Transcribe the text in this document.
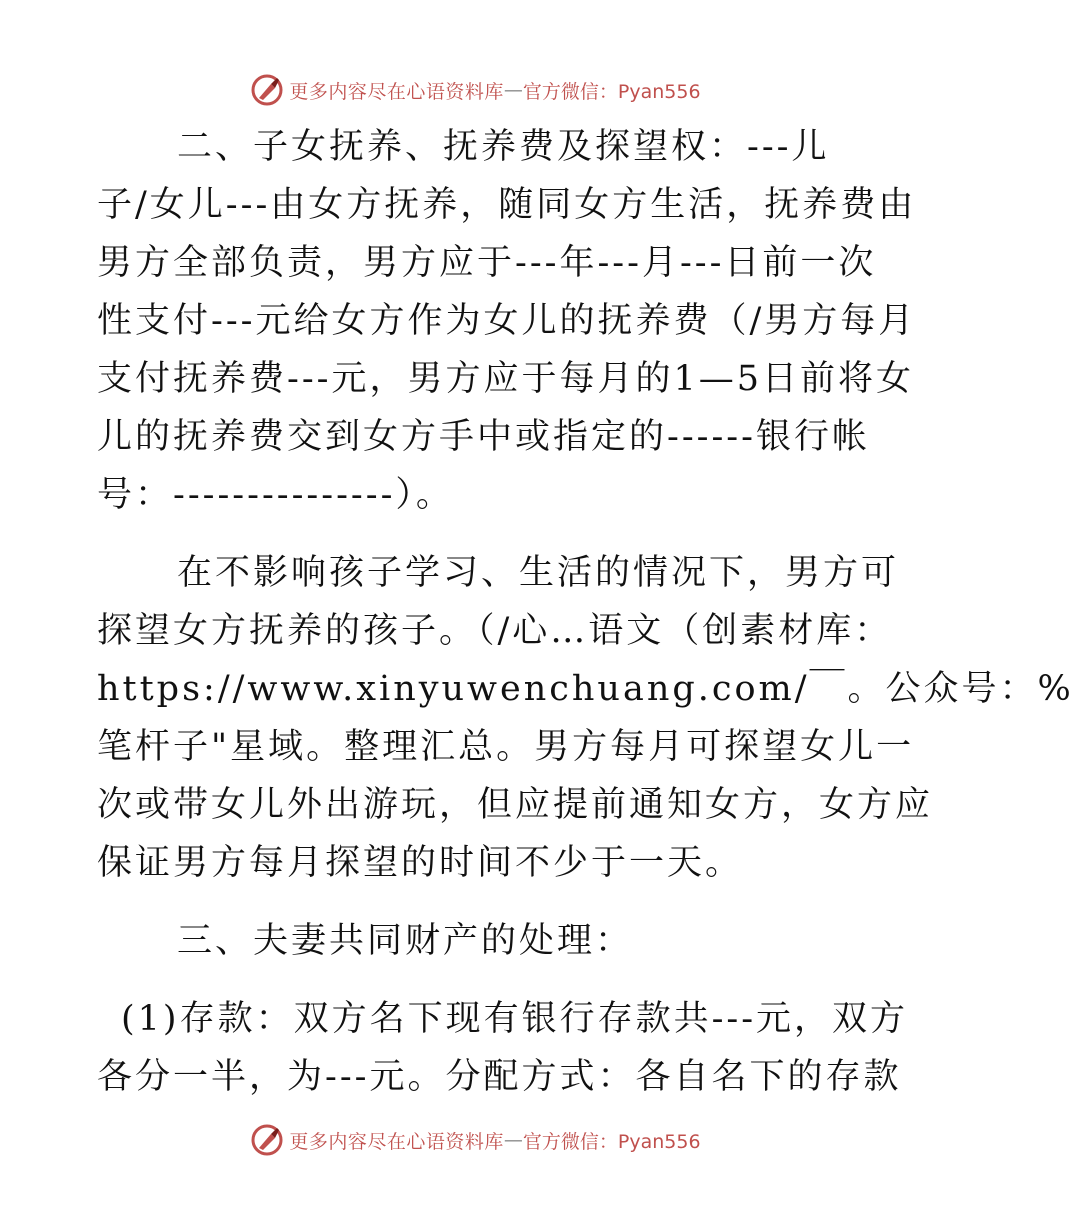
更多内容尽在心语资料库 — 官方微信：Pyan556
二、子女抚养、抚养费及探望权：---儿
子/女儿---由女方抚养，随同女方生活，抚养费由
男方全部负责，男方应于---年---月---日前一次
性支付---元给女方作为女儿的抚养费（/男方每月
支付抚养费---元，男方应于每月的1—5日前将女
儿的抚养费交到女方手中或指定的------银行帐
号：---------------）。
在不影响孩子学习、生活的情况下，男方可
探望女方抚养的孩子。（/心…语文（创素材库：
https://www.xinyuwenchuang.com/￣。公众号：%
笔杆子"星域。整理汇总。男方每月可探望女儿一
次或带女儿外出游玩，但应提前通知女方，女方应
保证男方每月探望的时间不少于一天。
三、夫妻共同财产的处理：
(1)存款：双方名下现有银行存款共---元，双方
各分一半，为---元。分配方式：各自名下的存款
更多内容尽在心语资料库 — 官方微信：Pyan556
